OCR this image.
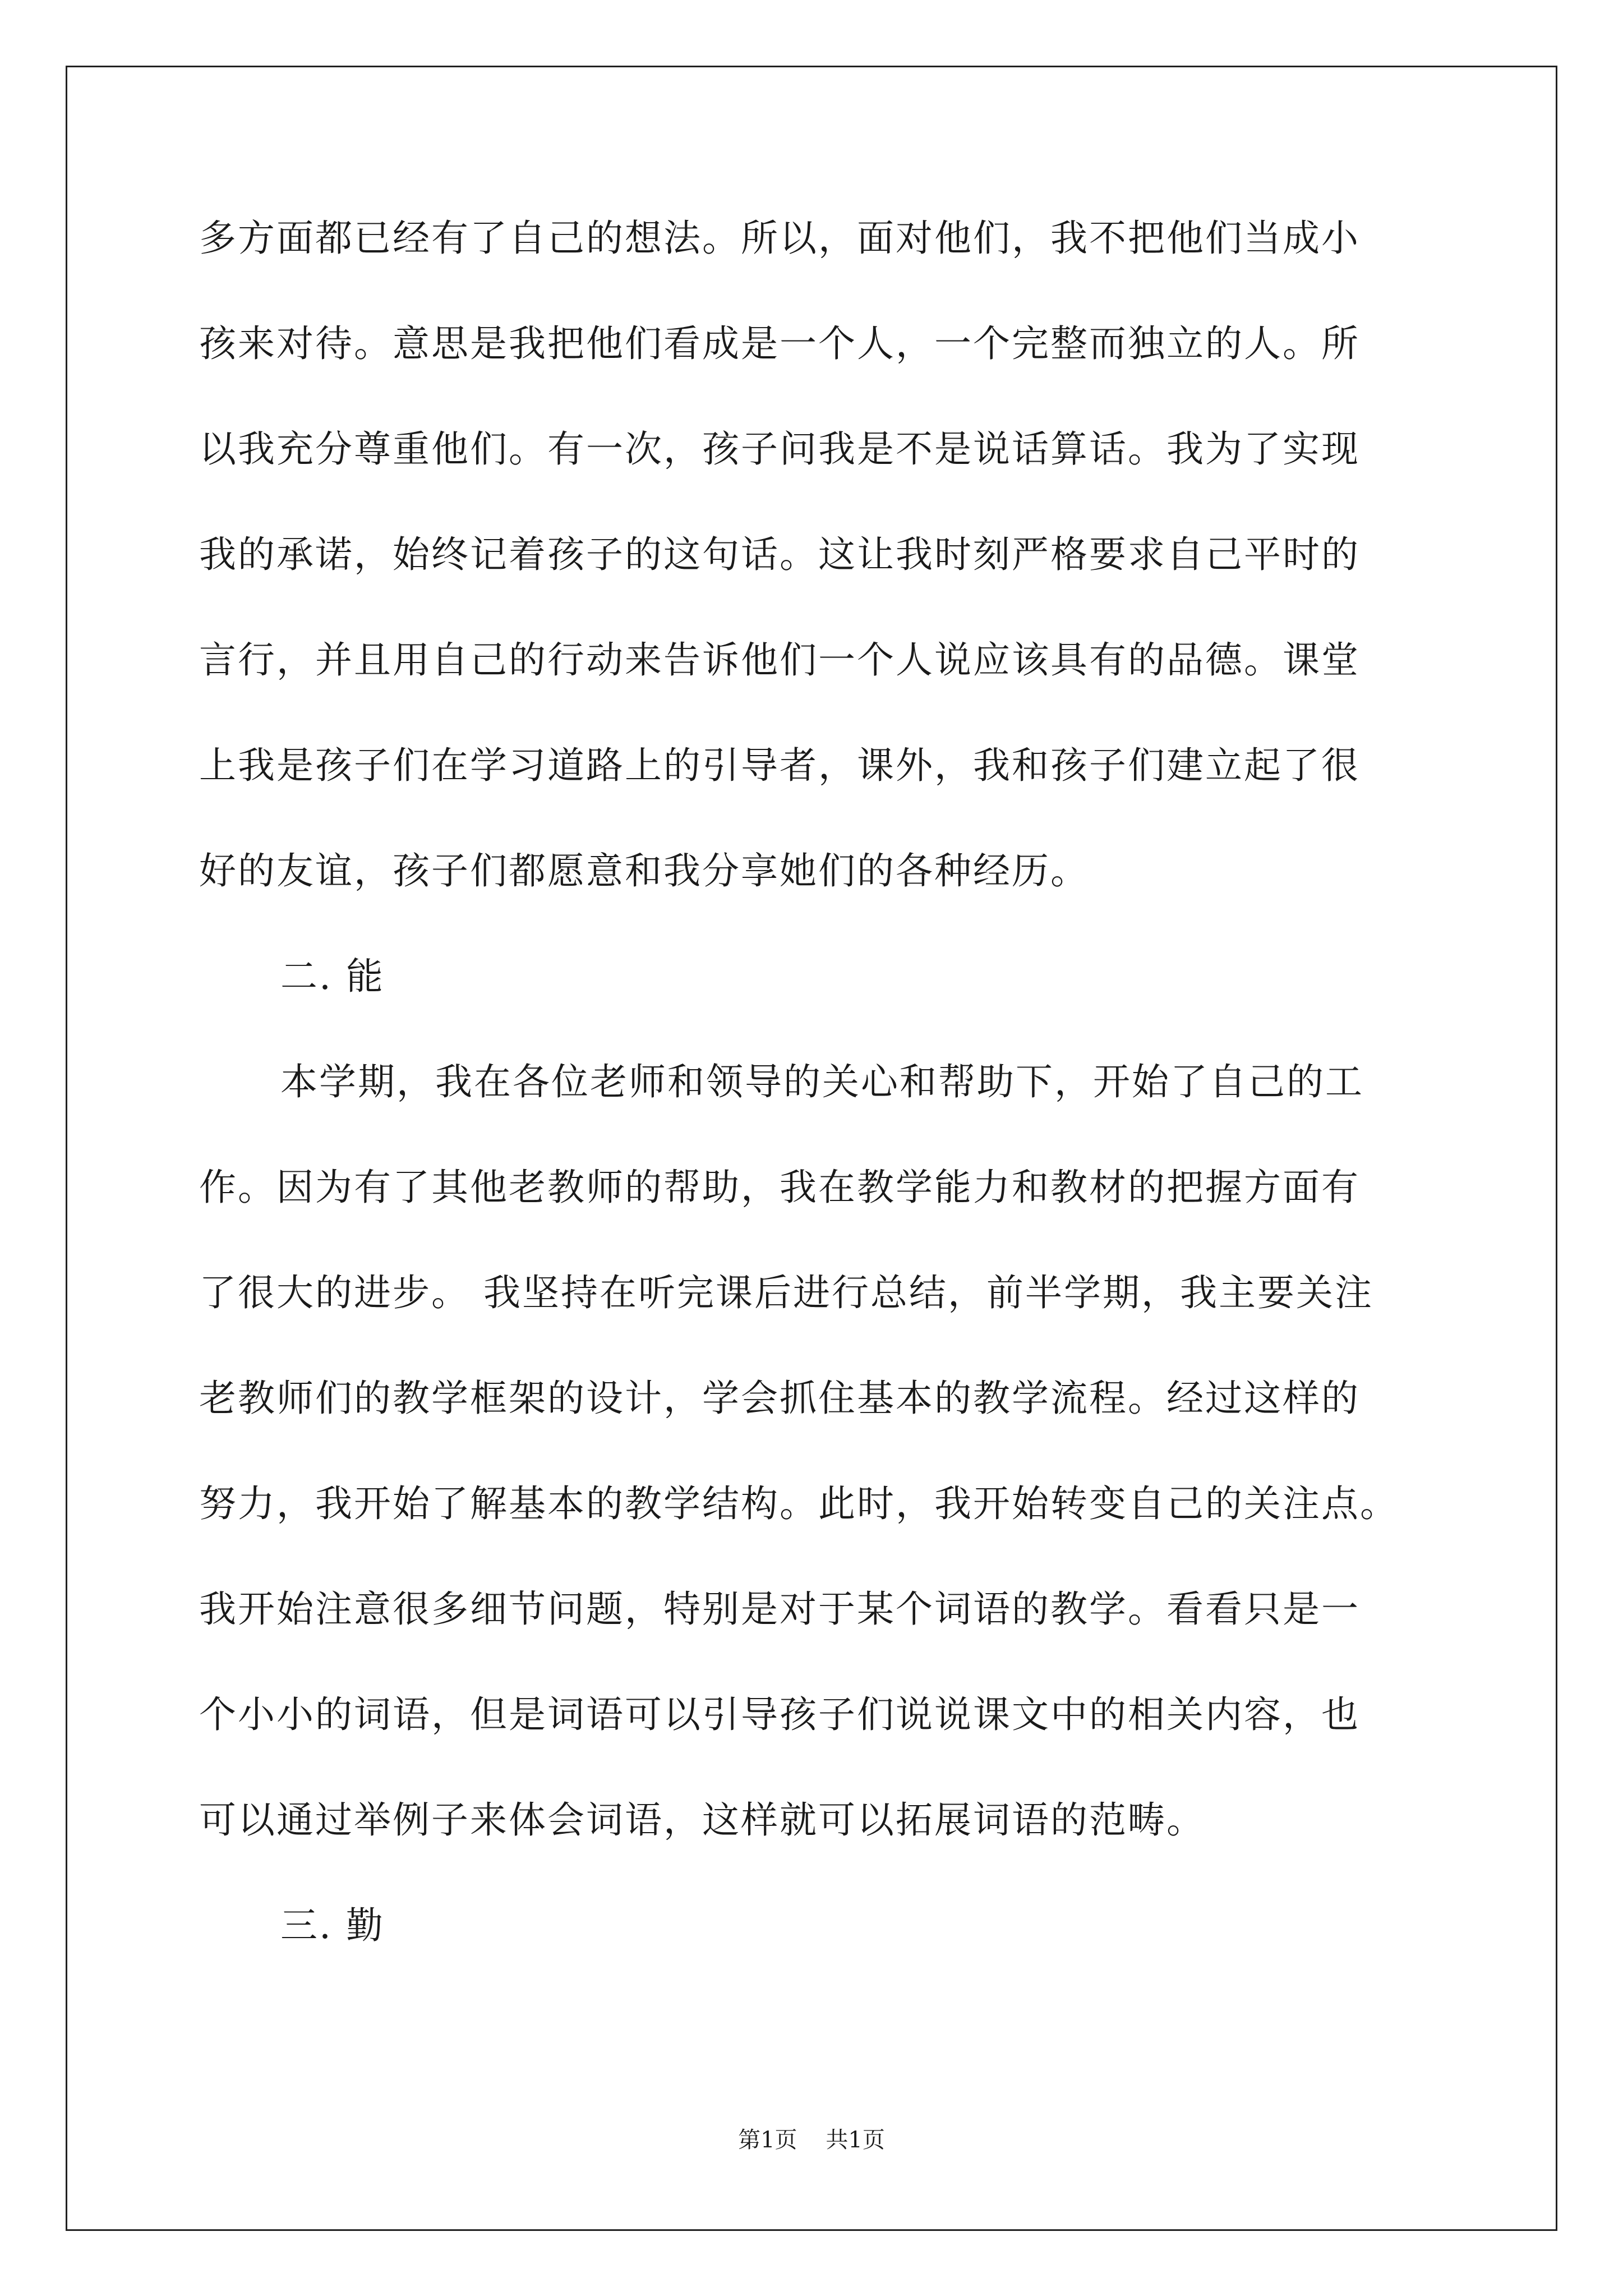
多方面都已经有了自己的想法。所以，面对他们，我不把他们当成小
孩来对待。意思是我把他们看成是一个人，一个完整而独立的人。所
以我充分尊重他们。有一次，孩子问我是不是说话算话。我为了实现
我的承诺，始终记着孩子的这句话。这让我时刻严格要求自己平时的
言行，并且用自己的行动来告诉他们一个人说应该具有的品德。课堂
上我是孩子们在学习道路上的引导者，课外，我和孩子们建立起了很
好的友谊，孩子们都愿意和我分享她们的各种经历。
二. 能
本学期，我在各位老师和领导的关心和帮助下，开始了自己的工
作。因为有了其他老教师的帮助，我在教学能力和教材的把握方面有
了很大的进步。 我坚持在听完课后进行总结，前半学期，我主要关注
老教师们的教学框架的设计，学会抓住基本的教学流程。经过这样的
努力，我开始了解基本的教学结构。此时，我开始转变自己的关注点。
我开始注意很多细节问题，特别是对于某个词语的教学。看看只是一
个小小的词语，但是词语可以引导孩子们说说课文中的相关内容，也
可以通过举例子来体会词语，这样就可以拓展词语的范畴。
三. 勤
第1页    共1页
